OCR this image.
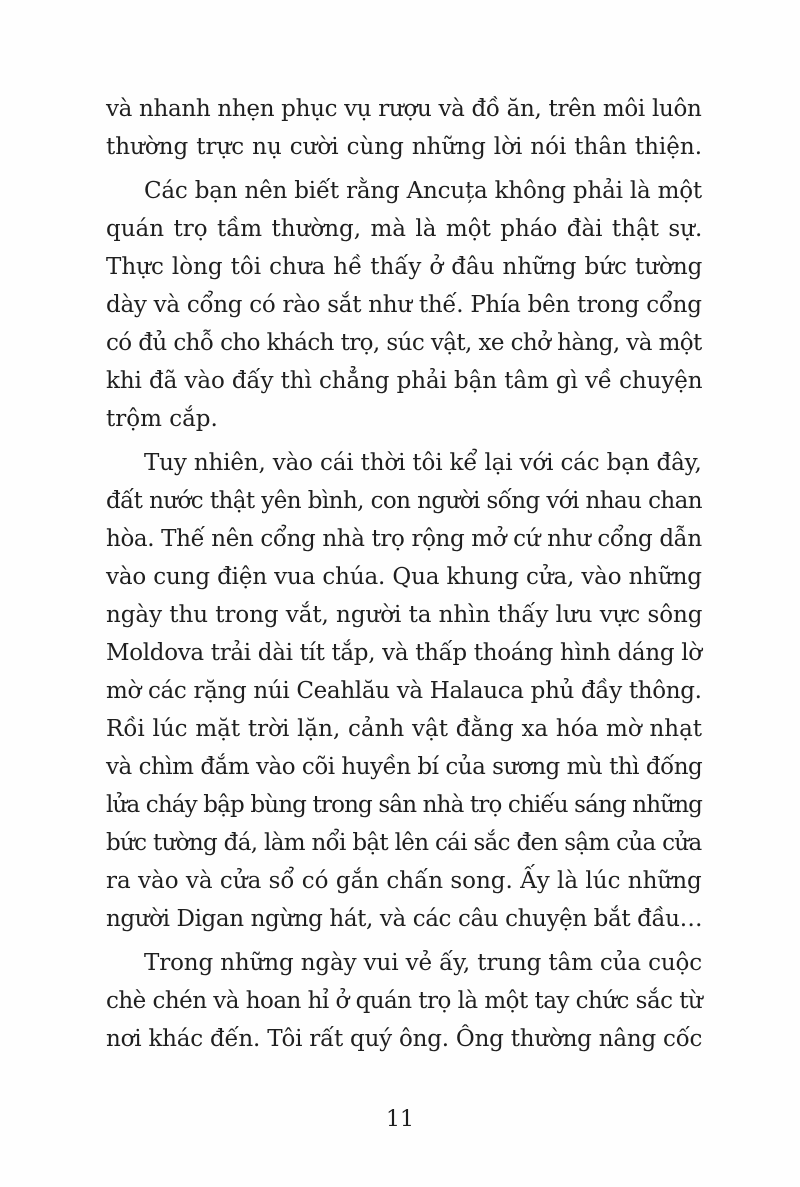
và nhanh nhẹn phục vụ rượu và đồ ăn, trên môi luôn
thường trực nụ cười cùng những lời nói thân thiện.
Các bạn nên biết rằng Ancuța không phải là một
quán trọ tầm thường, mà là một pháo đài thật sự.
Thực lòng tôi chưa hề thấy ở đâu những bức tường
dày và cổng có rào sắt như thế. Phía bên trong cổng
có đủ chỗ cho khách trọ, súc vật, xe chở hàng, và một
khi đã vào đấy thì chẳng phải bận tâm gì về chuyện
trộm cắp.
Tuy nhiên, vào cái thời tôi kể lại với các bạn đây,
đất nước thật yên bình, con người sống với nhau chan
hòa. Thế nên cổng nhà trọ rộng mở cứ như cổng dẫn
vào cung điện vua chúa. Qua khung cửa, vào những
ngày thu trong vắt, người ta nhìn thấy lưu vực sông
Moldova trải dài tít tắp, và thấp thoáng hình dáng lờ
mờ các rặng núi Ceahlău và Halauca phủ đầy thông.
Rồi lúc mặt trời lặn, cảnh vật đằng xa hóa mờ nhạt
và chìm đắm vào cõi huyền bí của sương mù thì đống
lửa cháy bập bùng trong sân nhà trọ chiếu sáng những
bức tường đá, làm nổi bật lên cái sắc đen sậm của cửa
ra vào và cửa sổ có gắn chấn song. Ấy là lúc những
người Digan ngừng hát, và các câu chuyện bắt đầu…
Trong những ngày vui vẻ ấy, trung tâm của cuộc
chè chén và hoan hỉ ở quán trọ là một tay chức sắc từ
nơi khác đến. Tôi rất quý ông. Ông thường nâng cốc
11
